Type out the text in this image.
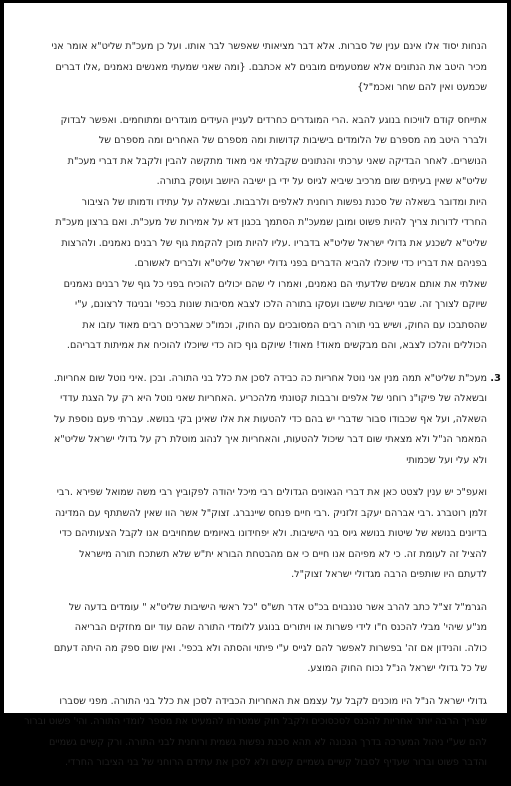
הנחות יסוד אלו אינם ענין של סברות. אלא דבר מציאותי שאפשר לבר אותו. ועל כן מעכ"ת שליט"א אומר אני
מכיר היטב את הנתונים אלא שמטעמים מובנים לא אכתבם. {ומה שאני שמעתי מאנשים נאמנים ,אלו דברים
שכמעט ואין להם שחר ואכמ"ל}
אתייחס קודם לוויכוח בנוגע להבא .הרי המוגדרים כחרדים לעניין העידים מוגדרים ומתוחמים. ואפשר לבדוק
ולברר היטב מה מספרם של הלומדים בישיבות קדושות ומה מספרם של האחרים ומה מספרם של
הנושרים. לאחר הבדיקה שאני ערכתי והנתונים שקבלתי אני מאוד מתקשה להבין ולקבל את דברי מעכ"ת
שליט"א שאין בעיתים שום מרכיב שיביא לגיוס על ידי בן ישיבה היושב ועוסק בתורה.
היות ומדובר בשאלה של סכנת נפשות רוחנית לאלפים ולרבבות. ובשאלה על עתידו ודמותו של הציבור
החרדי לדורות צריך להיות פשוט ומובן שמעכ"ת הסתמך בכגון דא על אמירות של מעכ"ת. ואם ברצון מעכ"ת
שליט"א לשכנע את גדולי ישראל שליט"א בדבריו .עליו להיות מוכן להקמת גוף של רבנים נאמנים. ולהרצות
בפניהם את דבריו כדי שיוכלו להביא הדברים בפני גדולי ישראל שליט"א ולברים לאשורם.
שאלתי את אותם אנשים שלדעתי הם נאמנים, ואמרו לי שהם יכולים להוכיח בפני כל גוף של רבנים נאמנים
שיוקם לצורך זה. שבני ישיבות שישבו ועסקו בתורה הלכו לצבא מסיבות שונות בכפי' ובניגוד לרצונם, ע"י
שהסתבכו עם החוק, ושיש בני תורה רבים המסובכים עם החוק, וכמו"כ שאברכים רבים מאוד עזבו את
הכוללים והלכו לצבא, והם מבקשים מאוד! מאוד! שיוקם גוף כזה כדי שיוכלו להוכיח את אמיתות דבריהם.
3.
מעכ"ת שליט"א תמה מנין אני נוטל אחריות כה כבידה לסכן את כלל בני התורה. ובכן .איני נוטל שום אחריות.
ובשאלה של פיקו"נ רוחני של אלפים ורבבות קטונתי מלהכריע .האחריות שאני נוטל היא רק על הצגת עדדי
השאלה, ועל אף שכבודו סבור שדברי יש בהם כדי להטעות את אלו שאינן בקי בנושא. עברתי פעם נוספת על
המאמר הנ"ל ולא מצאתי שום דבר שיכול להטעות, והאחריות איך לנהוג מוטלת רק על גדולי ישראל שליט"א
ולא עלי ועל שכמותי
ואעפ"כ יש ענין לצטט כאן את דברי הגאונים הגדולים רבי מיכל יהודה לפקוביץ רבי משה שמואל שפירא .רבי
זלמן רוטברג .רבי אברהם יעקב זלזניק .רבי חיים פנחס שיינברג. זצוק"ל אשר הוו שאין להשתתף עם המדינה
בדיונים בנושא של שיטות בנושא גיוס בני הישיבות. ולא יפחידונו באיומים שמחויבים אנו לקבל הצעותיהם כדי
להציל זה לעומת זה. כי לא מפיהם אנו חיים כי אם מהבטחת הבורא ית"ש שלא תשתכח תורה מישראל
לדעתם היו שותפים הרבה מגדולי ישראל זצוק"ל.
הגרמ"ל זצ"ל כתב להרב אשר טננבוים בכ"ט אדר תש"ס "כל ראשי הישיבות שליט"א " עומדים בדעה של
מנ"ע שיהי' מבלי להכנס ח"ו לידי פשרות או ויתורים בנוגע ללומדי התורה שהם עוד יום מחזקים הבריאה
כולה. והנידון אם זה' בפשרות לאפשר להם לגייס ע"י פיתוי והסתה ולא בכפי'. ואין שום ספק מה היתה דעתם
של כל גדולי ישראל הנ"ל נכוח החוק המוצע.
גדולי ישראל הנ"ל היו מוכנים לקבל על עצמם את האחריות הכבידה לסכן את כלל בני התורה. מפני שסברו
שצריך הרבה יותר אחריות להכנס לסכסוכים ולקבל חוק שמטרתו להמעיט את מספר לומדי התורה. והי' פשוט וברור
להם שע"י ניהול המערכה בדרך הנכונה לא תהא סכנת נפשות גשמית ורוחנית לבני התורה. ורק קשיים גשמיים
והדבר פשוט וברור שעדיף לסבול קשיים גשמיים קשים ולא לסכן את עתידם הרוחני של בני הציבור החרדי.
